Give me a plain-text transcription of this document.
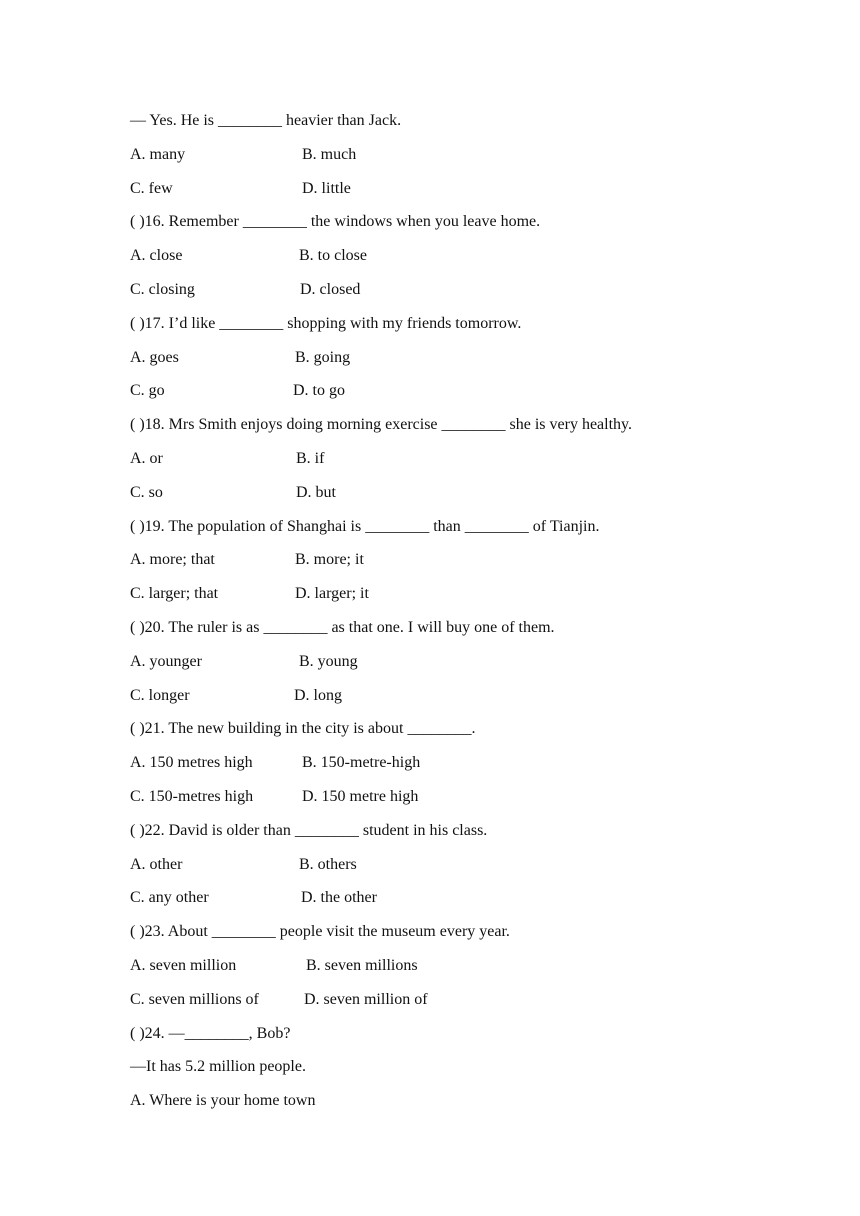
— Yes. He is ________ heavier than Jack.
A. many	B. much
C. few	D. little
( )16. Remember ________ the windows when you leave home.
A. close	B. to close
C. closing	D. closed
( )17. I’d like ________ shopping with my friends tomorrow.
A. goes	B. going
C. go	D. to go
( )18. Mrs Smith enjoys doing morning exercise ________ she is very healthy.
A. or	B. if
C. so	D. but
( )19. The population of Shanghai is ________ than ________ of Tianjin.
A. more; that	B. more; it
C. larger; that	D. larger; it
( )20. The ruler is as ________ as that one. I will buy one of them.
A. younger	B. young
C. longer	D. long
( )21. The new building in the city is about ________.
A. 150 metres high	B. 150-metre-high
C. 150-metres high	D. 150 metre high
( )22. David is older than ________ student in his class.
A. other	B. others
C. any other	D. the other
( )23. About ________ people visit the museum every year.
A. seven million	B. seven millions
C. seven millions of	D. seven million of
( )24. —________, Bob?
—It has 5.2 million people.
A. Where is your home town
